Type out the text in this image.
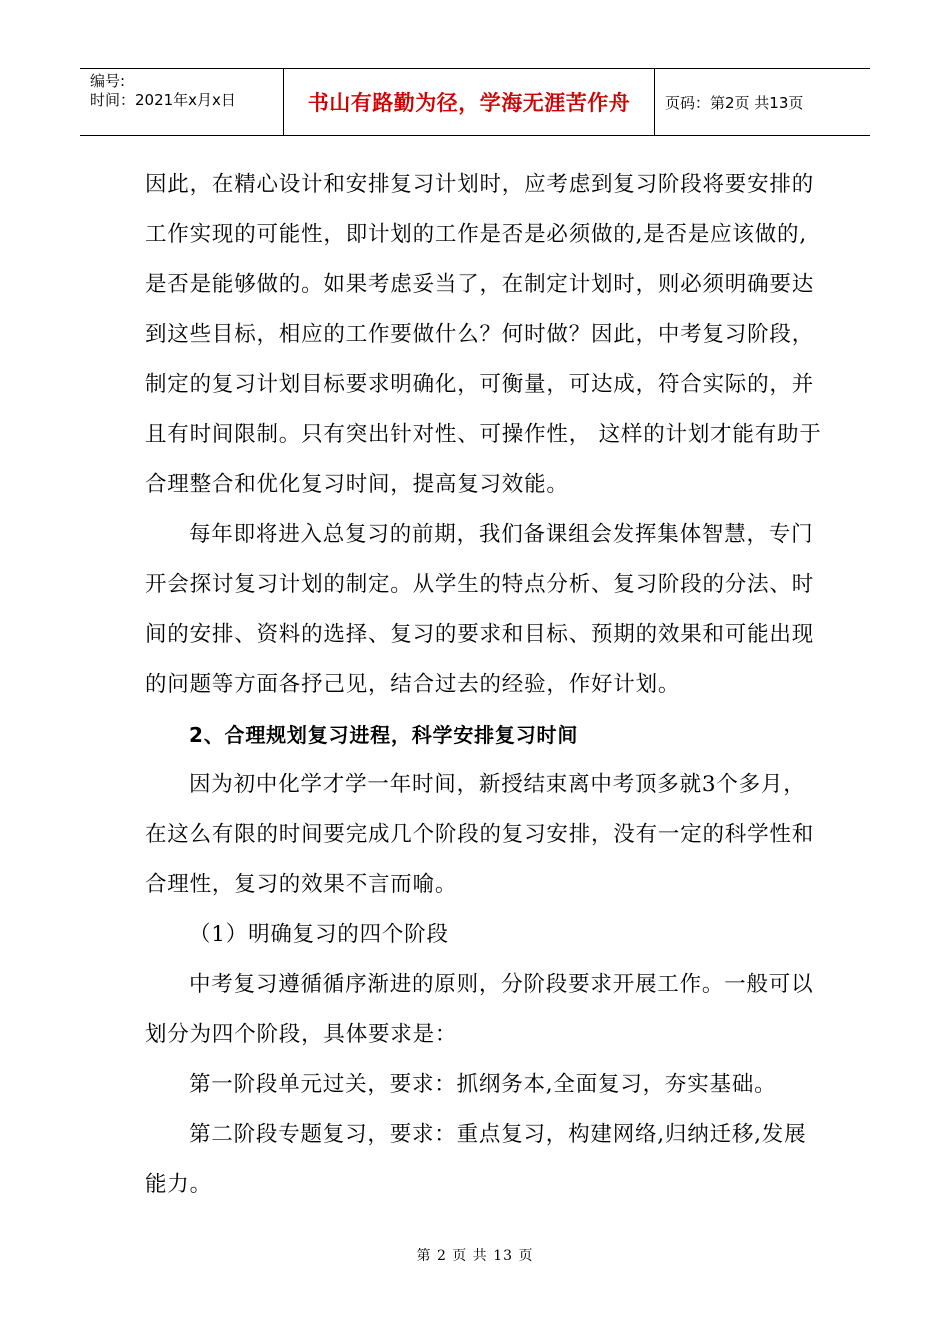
编号:
时间：2021年x月x日	书山有路勤为径，学海无涯苦作舟	页码：第2页 共13页

因此，在精心设计和安排复习计划时，应考虑到复习阶段将要安排的工作实现的可能性，即计划的工作是否是必须做的,是否是应该做的,是否是能够做的。如果考虑妥当了，在制定计划时，则必须明确要达到这些目标，相应的工作要做什么？何时做？因此，中考复习阶段，制定的复习计划目标要求明确化，可衡量，可达成，符合实际的，并且有时间限制。只有突出针对性、可操作性， 这样的计划才能有助于合理整合和优化复习时间，提高复习效能。

每年即将进入总复习的前期，我们备课组会发挥集体智慧，专门开会探讨复习计划的制定。从学生的特点分析、复习阶段的分法、时间的安排、资料的选择、复习的要求和目标、预期的效果和可能出现的问题等方面各抒己见，结合过去的经验，作好计划。

2、合理规划复习进程，科学安排复习时间

因为初中化学才学一年时间，新授结束离中考顶多就3个多月，在这么有限的时间要完成几个阶段的复习安排，没有一定的科学性和合理性，复习的效果不言而喻。

（1）明确复习的四个阶段

中考复习遵循循序渐进的原则，分阶段要求开展工作。一般可以划分为四个阶段，具体要求是：

第一阶段单元过关，要求：抓纲务本,全面复习，夯实基础。

第二阶段专题复习，要求：重点复习，构建网络,归纳迁移,发展能力。

第 2 页 共 13 页
